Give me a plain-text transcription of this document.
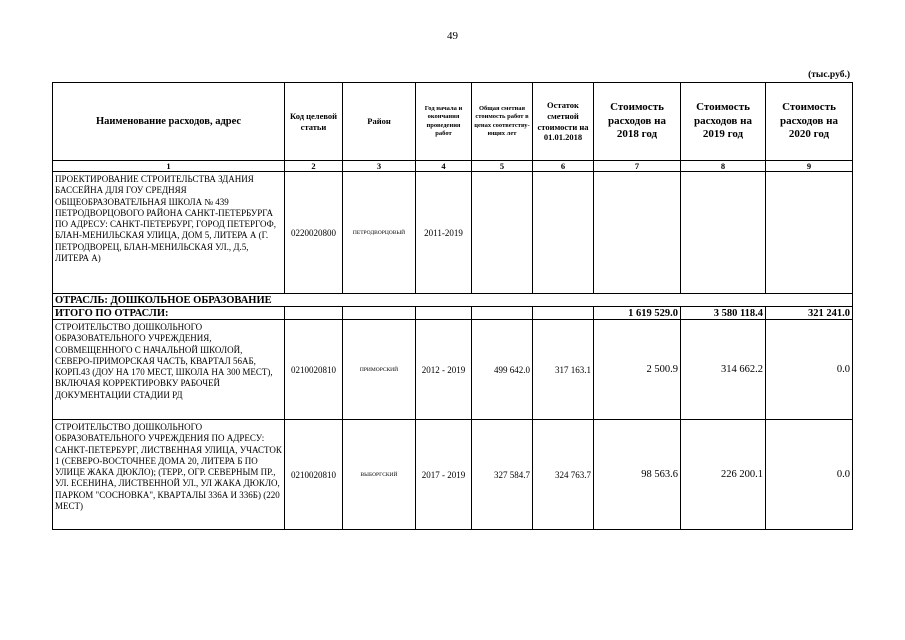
49
(тыс.руб.)
Наименование расходов, адрес	Код целевой статьи	Район	Год начала и окончания проведения работ	Общая сметная стоимость работ в ценах соответству-ющих лет	Остаток сметной стоимости на 01.01.2018	Стоимость расходов на 2018 год	Стоимость расходов на 2019 год	Стоимость расходов на 2020 год
1	2	3	4	5	6	7	8	9
ПРОЕКТИРОВАНИЕ СТРОИТЕЛЬСТВА ЗДАНИЯ БАССЕЙНА ДЛЯ ГОУ СРЕДНЯЯ ОБЩЕОБРАЗОВАТЕЛЬНАЯ ШКОЛА № 439 ПЕТРОДВОРЦОВОГО РАЙОНА САНКТ-ПЕТЕРБУРГА ПО АДРЕСУ: САНКТ-ПЕТЕРБУРГ, ГОРОД ПЕТЕРГОФ, БЛАН-МЕНИЛЬСКАЯ УЛИЦА, ДОМ 5, ЛИТЕРА А (Г. ПЕТРОДВОРЕЦ, БЛАН-МЕНИЛЬСКАЯ УЛ., Д.5, ЛИТЕРА А)	0220020800	ПЕТРОДВОРЦОВЫЙ	2011-2019					
ОТРАСЛЬ: ДОШКОЛЬНОЕ ОБРАЗОВАНИЕ								
ИТОГО ПО ОТРАСЛИ:						1 619 529.0	3 580 118.4	321 241.0
СТРОИТЕЛЬСТВО ДОШКОЛЬНОГО ОБРАЗОВАТЕЛЬНОГО УЧРЕЖДЕНИЯ, СОВМЕЩЕННОГО С НАЧАЛЬНОЙ ШКОЛОЙ, СЕВЕРО-ПРИМОРСКАЯ ЧАСТЬ, КВАРТАЛ 56АБ, КОРП.43 (ДОУ НА 170 МЕСТ, ШКОЛА НА 300 МЕСТ), ВКЛЮЧАЯ КОРРЕКТИРОВКУ РАБОЧЕЙ ДОКУМЕНТАЦИИ СТАДИИ РД	0210020810	ПРИМОРСКИЙ	2012 - 2019	499 642.0	317 163.1	2 500.9	314 662.2	0.0
СТРОИТЕЛЬСТВО ДОШКОЛЬНОГО ОБРАЗОВАТЕЛЬНОГО УЧРЕЖДЕНИЯ ПО АДРЕСУ: САНКТ-ПЕТЕРБУРГ, ЛИСТВЕННАЯ УЛИЦА, УЧАСТОК 1 (СЕВЕРО-ВОСТОЧНЕЕ ДОМА 20, ЛИТЕРА Б ПО УЛИЦЕ ЖАКА ДЮКЛО); (ТЕРР., ОГР. СЕВЕРНЫМ ПР., УЛ. ЕСЕНИНА, ЛИСТВЕННОЙ УЛ., УЛ ЖАКА ДЮКЛО, ПАРКОМ "СОСНОВКА", КВАРТАЛЫ 336А И 336Б) (220 МЕСТ)	0210020810	ВЫБОРГСКИЙ	2017 - 2019	327 584.7	324 763.7	98 563.6	226 200.1	0.0
